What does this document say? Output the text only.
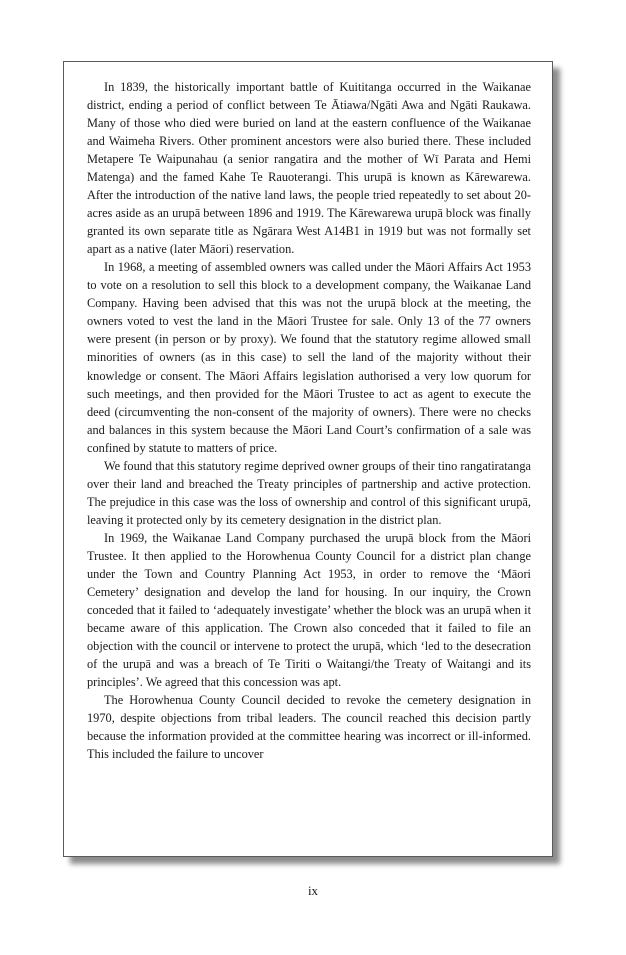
In 1839, the historically important battle of Kuititanga occurred in the Waikanae district, ending a period of conflict between Te Ātiawa/Ngāti Awa and Ngāti Raukawa. Many of those who died were buried on land at the eastern confluence of the Waikanae and Waimeha Rivers. Other prominent ancestors were also buried there. These included Metapere Te Waipunahau (a senior rangatira and the mother of Wī Parata and Hemi Matenga) and the famed Kahe Te Rauoterangi. This urupā is known as Kārewarewa. After the introduction of the native land laws, the people tried repeatedly to set about 20-acres aside as an urupā between 1896 and 1919. The Kārewarewa urupā block was finally granted its own separate title as Ngārara West A14B1 in 1919 but was not formally set apart as a native (later Māori) reservation.

In 1968, a meeting of assembled owners was called under the Māori Affairs Act 1953 to vote on a resolution to sell this block to a development company, the Waikanae Land Company. Having been advised that this was not the urupā block at the meeting, the owners voted to vest the land in the Māori Trustee for sale. Only 13 of the 77 owners were present (in person or by proxy). We found that the statutory regime allowed small minorities of owners (as in this case) to sell the land of the majority without their knowledge or consent. The Māori Affairs legislation authorised a very low quorum for such meetings, and then provided for the Māori Trustee to act as agent to execute the deed (circumventing the non-consent of the majority of owners). There were no checks and balances in this system because the Māori Land Court’s confirmation of a sale was confined by statute to matters of price.

We found that this statutory regime deprived owner groups of their tino rangatiratanga over their land and breached the Treaty principles of partnership and active protection. The prejudice in this case was the loss of ownership and control of this significant urupā, leaving it protected only by its cemetery designation in the district plan.

In 1969, the Waikanae Land Company purchased the urupā block from the Māori Trustee. It then applied to the Horowhenua County Council for a district plan change under the Town and Country Planning Act 1953, in order to remove the ‘Māori Cemetery’ designation and develop the land for housing. In our inquiry, the Crown conceded that it failed to ‘adequately investigate’ whether the block was an urupā when it became aware of this application. The Crown also conceded that it failed to file an objection with the council or intervene to protect the urupā, which ‘led to the desecration of the urupā and was a breach of Te Tiriti o Waitangi/the Treaty of Waitangi and its principles’. We agreed that this concession was apt.

The Horowhenua County Council decided to revoke the cemetery designation in 1970, despite objections from tribal leaders. The council reached this decision partly because the information provided at the committee hearing was incorrect or ill-informed. This included the failure to uncover

ix
